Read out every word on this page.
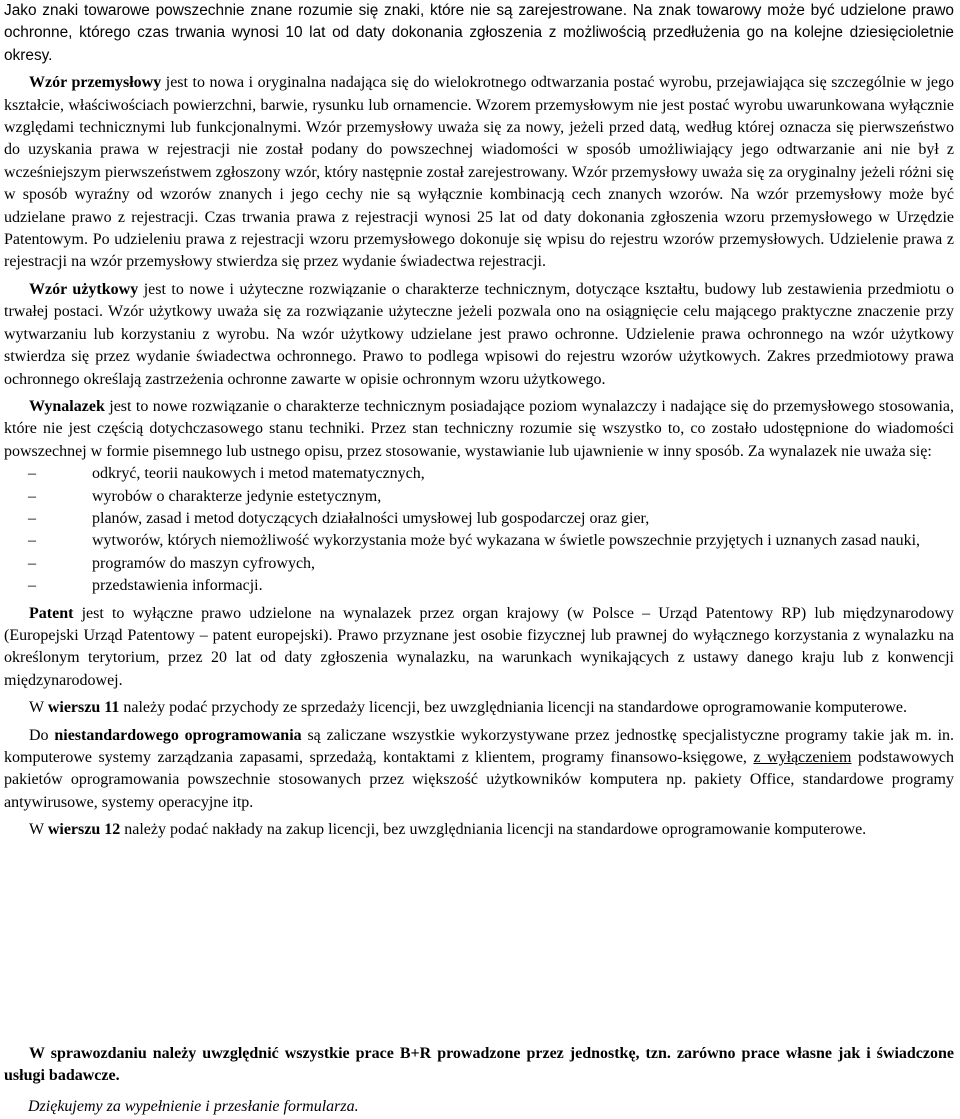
Jako znaki towarowe powszechnie znane rozumie się znaki, które nie są zarejestrowane. Na znak towarowy może być udzielone prawo ochronne, którego czas trwania wynosi 10 lat od daty dokonania zgłoszenia z możliwością przedłużenia go na kolejne dziesięcioletnie okresy.

Wzór przemysłowy jest to nowa i oryginalna nadająca się do wielokrotnego odtwarzania postać wyrobu, przejawiająca się szczególnie w jego kształcie, właściwościach powierzchni, barwie, rysunku lub ornamencie. Wzorem przemysłowym nie jest postać wyrobu uwarunkowana wyłącznie względami technicznymi lub funkcjonalnymi. Wzór przemysłowy uważa się za nowy, jeżeli przed datą, według której oznacza się pierwszeństwo do uzyskania prawa w rejestracji nie został podany do powszechnej wiadomości w sposób umożliwiający jego odtwarzanie ani nie był z wcześniejszym pierwszeństwem zgłoszony wzór, który następnie został zarejestrowany. Wzór przemysłowy uważa się za oryginalny jeżeli różni się w sposób wyraźny od wzorów znanych i jego cechy nie są wyłącznie kombinacją cech znanych wzorów. Na wzór przemysłowy może być udzielane prawo z rejestracji. Czas trwania prawa z rejestracji wynosi 25 lat od daty dokonania zgłoszenia wzoru przemysłowego w Urzędzie Patentowym. Po udzieleniu prawa z rejestracji wzoru przemysłowego dokonuje się wpisu do rejestru wzorów przemysłowych. Udzielenie prawa z rejestracji na wzór przemysłowy stwierdza się przez wydanie świadectwa rejestracji.

Wzór użytkowy jest to nowe i użyteczne rozwiązanie o charakterze technicznym, dotyczące kształtu, budowy lub zestawienia przedmiotu o trwałej postaci. Wzór użytkowy uważa się za rozwiązanie użyteczne jeżeli pozwala ono na osiągnięcie celu mającego praktyczne znaczenie przy wytwarzaniu lub korzystaniu z wyrobu. Na wzór użytkowy udzielane jest prawo ochronne. Udzielenie prawa ochronnego na wzór użytkowy stwierdza się przez wydanie świadectwa ochronnego. Prawo to podlega wpisowi do rejestru wzorów użytkowych. Zakres przedmiotowy prawa ochronnego określają zastrzeżenia ochronne zawarte w opisie ochronnym wzoru użytkowego.

Wynalazek jest to nowe rozwiązanie o charakterze technicznym posiadające poziom wynalazczy i nadające się do przemysłowego stosowania, które nie jest częścią dotychczasowego stanu techniki. Przez stan techniczny rozumie się wszystko to, co zostało udostępnione do wiadomości powszechnej w formie pisemnego lub ustnego opisu, przez stosowanie, wystawianie lub ujawnienie w inny sposób. Za wynalazek nie uważa się:

–	odkryć, teorii naukowych i metod matematycznych,
–	wyrobów o charakterze jedynie estetycznym,
–	planów, zasad i metod dotyczących działalności umysłowej lub gospodarczej oraz gier,
–	wytworów, których niemożliwość wykorzystania może być wykazana w świetle powszechnie przyjętych i uznanych zasad nauki,
–	programów do maszyn cyfrowych,
–	przedstawienia informacji.

Patent jest to wyłączne prawo udzielone na wynalazek przez organ krajowy (w Polsce – Urząd Patentowy RP) lub międzynarodowy (Europejski Urząd Patentowy – patent europejski). Prawo przyznane jest osobie fizycznej lub prawnej do wyłącznego korzystania z wynalazku na określonym terytorium, przez 20 lat od daty zgłoszenia wynalazku, na warunkach wynikających z ustawy danego kraju lub z konwencji międzynarodowej.

W wierszu 11 należy podać przychody ze sprzedaży licencji, bez uwzględniania licencji na standardowe oprogramowanie komputerowe.

Do niestandardowego oprogramowania są zaliczane wszystkie wykorzystywane przez jednostkę specjalistyczne programy takie jak m. in. komputerowe systemy zarządzania zapasami, sprzedażą, kontaktami z klientem, programy finansowo-księgowe, z wyłączeniem podstawowych pakietów oprogramowania powszechnie stosowanych przez większość użytkowników komputera np. pakiety Office, standardowe programy antywirusowe, systemy operacyjne itp.

W wierszu 12 należy podać nakłady na zakup licencji, bez uwzględniania licencji na standardowe oprogramowanie komputerowe.

W sprawozdaniu należy uwzględnić wszystkie prace B+R prowadzone przez jednostkę, tzn. zarówno prace własne jak i świadczone usługi badawcze.

Dziękujemy za wypełnienie i przesłanie formularza.
